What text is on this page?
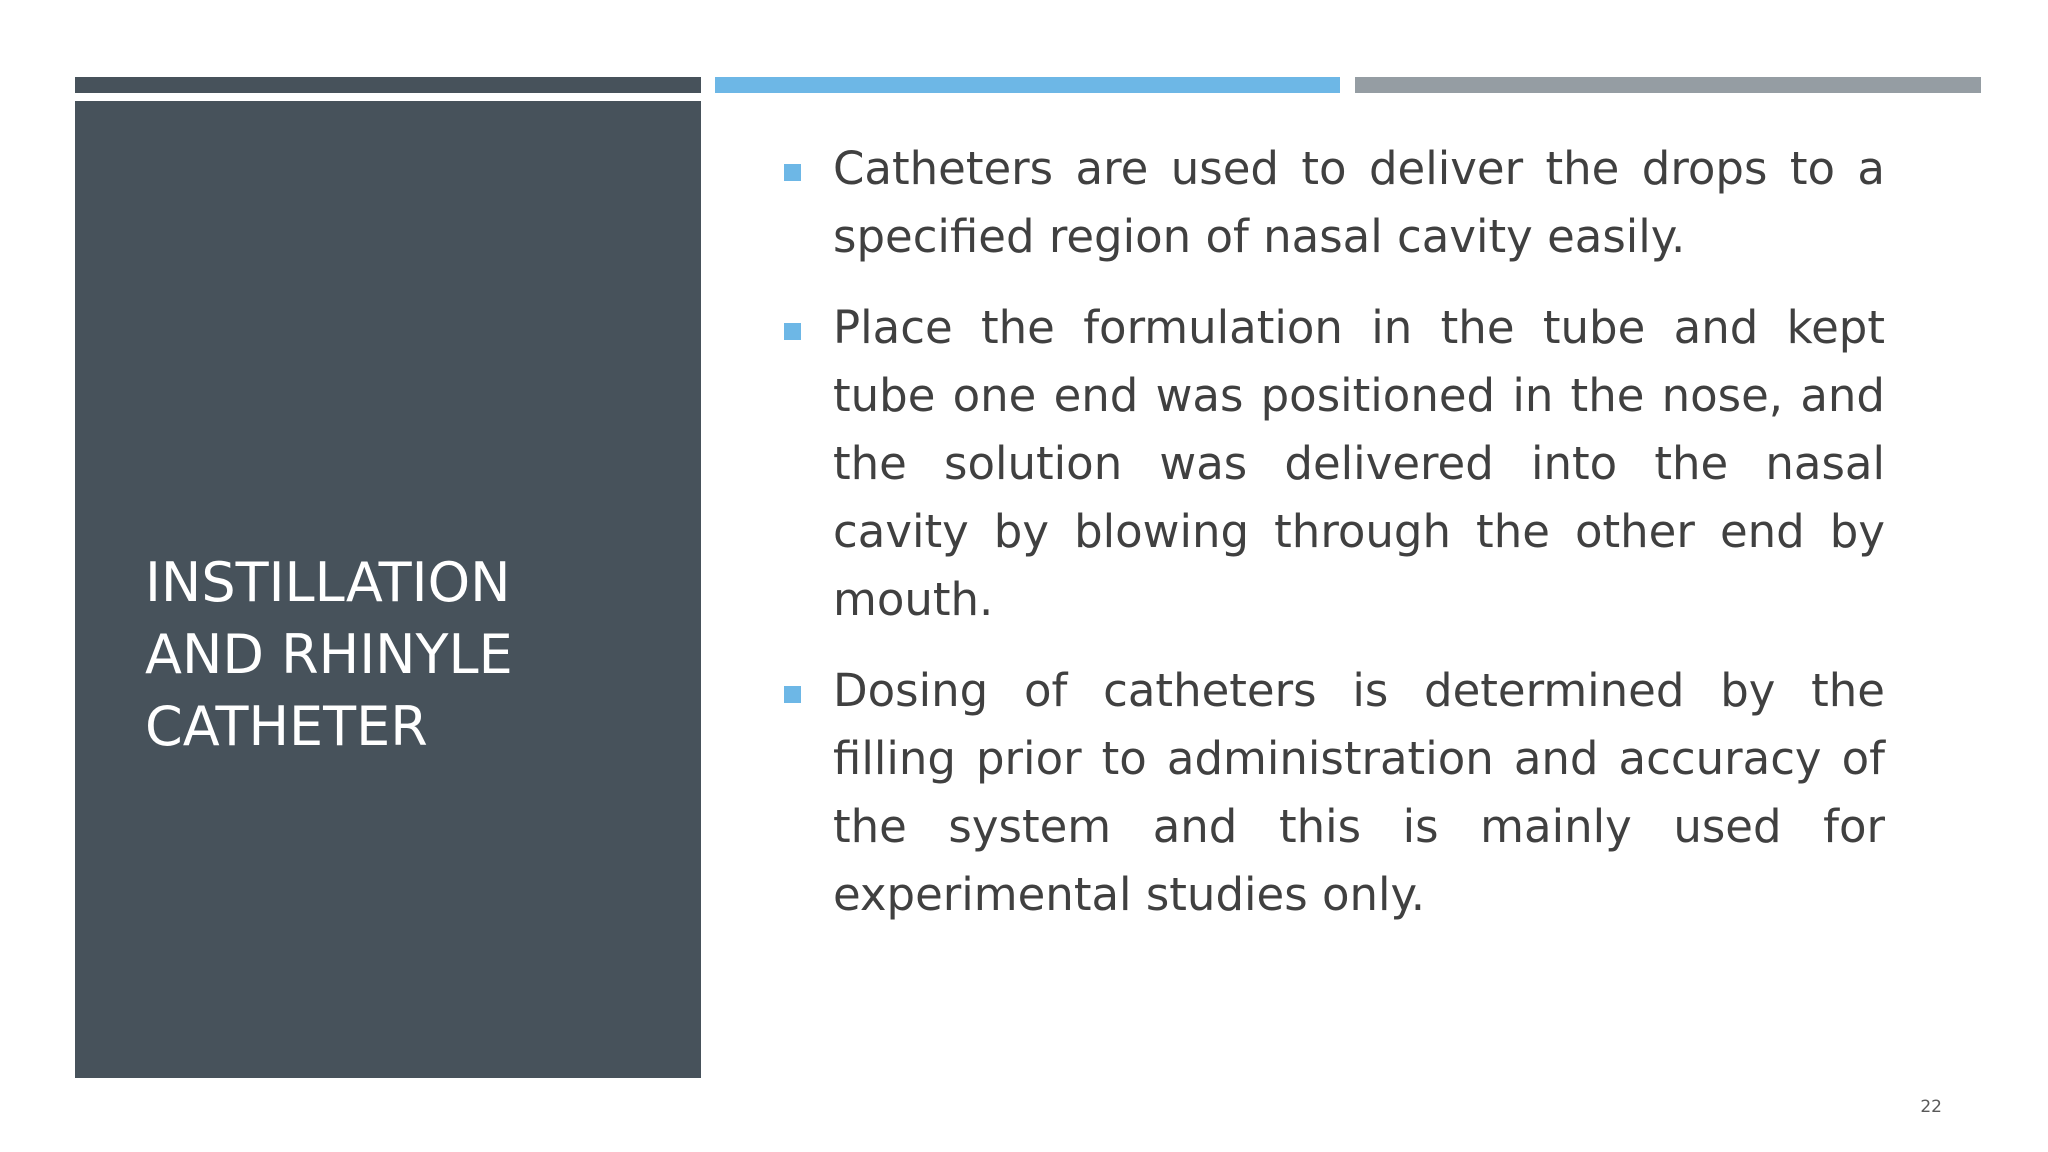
INSTILLATION
AND RHINYLE
CATHETER
Catheters are used to deliver the drops to a specified region of nasal cavity easily.
Place the formulation in the tube and kept tube one end was positioned in the nose, and the solution was delivered into the nasal cavity by blowing through the other end by mouth.
Dosing of catheters is determined by the filling prior to administration and accuracy of the system and this is mainly used for experimental studies only.
22
